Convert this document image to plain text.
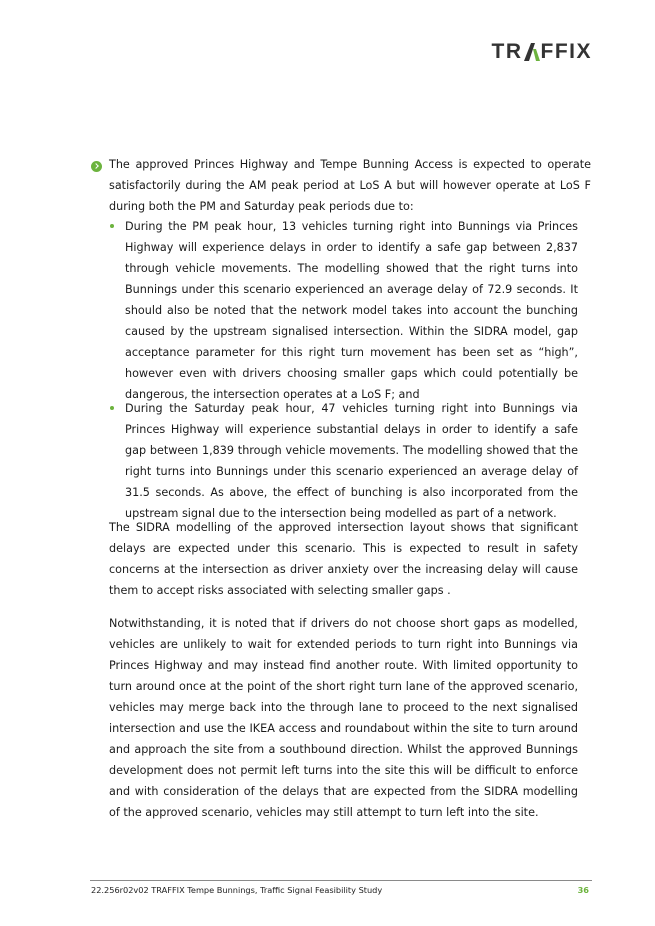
TR FFIX
The approved Princes Highway and Tempe Bunning Access is expected to operate satisfactorily during the AM peak period at LoS A but will however operate at LoS F during both the PM and Saturday peak periods due to:
During the PM peak hour, 13 vehicles turning right into Bunnings via Princes Highway will experience delays in order to identify a safe gap between 2,837 through vehicle movements. The modelling showed that the right turns into Bunnings under this scenario experienced an average delay of 72.9 seconds. It should also be noted that the network model takes into account the bunching caused by the upstream signalised intersection. Within the SIDRA model, gap acceptance parameter for this right turn movement has been set as “high”, however even with drivers choosing smaller gaps which could potentially be dangerous, the intersection operates at a LoS F; and
During the Saturday peak hour, 47 vehicles turning right into Bunnings via Princes Highway will experience substantial delays in order to identify a safe gap between 1,839 through vehicle movements. The modelling showed that the right turns into Bunnings under this scenario experienced an average delay of 31.5 seconds. As above, the effect of bunching is also incorporated from the upstream signal due to the intersection being modelled as part of a network.
The SIDRA modelling of the approved intersection layout shows that significant delays are expected under this scenario. This is expected to result in safety concerns at the intersection as driver anxiety over the increasing delay will cause them to accept risks associated with selecting smaller gaps .
Notwithstanding, it is noted that if drivers do not choose short gaps as modelled, vehicles are unlikely to wait for extended periods to turn right into Bunnings via Princes Highway and may instead find another route. With limited opportunity to turn around once at the point of the short right turn lane of the approved scenario, vehicles may merge back into the through lane to proceed to the next signalised intersection and use the IKEA access and roundabout within the site to turn around and approach the site from a southbound direction. Whilst the approved Bunnings development does not permit left turns into the site this will be difficult to enforce and with consideration of the delays that are expected from the SIDRA modelling of the approved scenario, vehicles may still attempt to turn left into the site.
22.256r02v02 TRAFFIX Tempe Bunnings, Traffic Signal Feasibility Study	36
